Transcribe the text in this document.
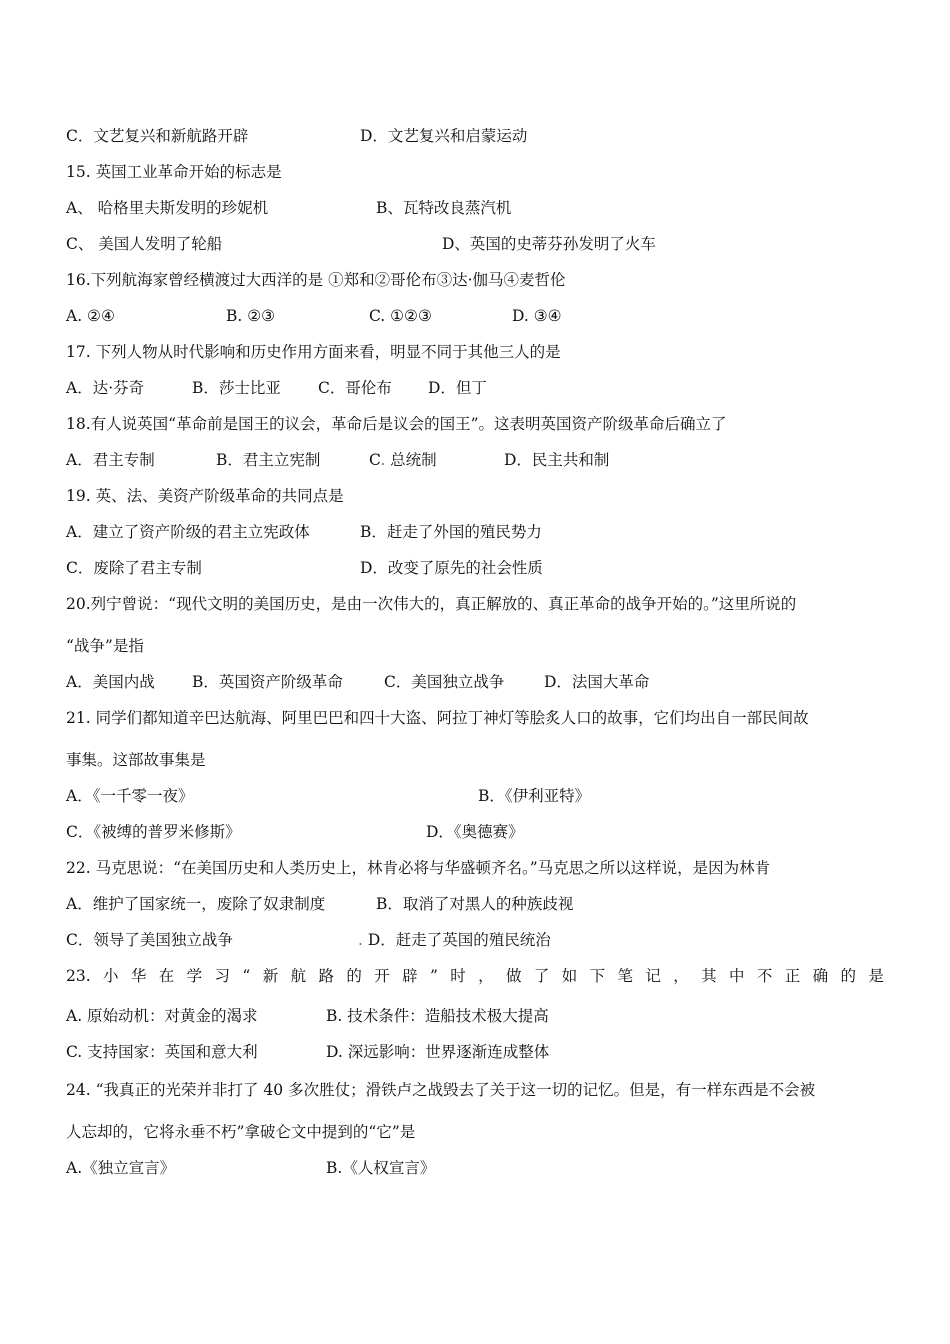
C．文艺复兴和新航路开辟	D．文艺复兴和启蒙运动
15. 英国工业革命开始的标志是
A、 哈格里夫斯发明的珍妮机	B、瓦特改良蒸汽机
C、 美国人发明了轮船	D、英国的史蒂芬孙发明了火车
16.下列航海家曾经横渡过大西洋的是 ①郑和②哥伦布③达·伽马④麦哲伦
A. ②④	B. ②③	C. ①②③	D. ③④
17. 下列人物从时代影响和历史作用方面来看，明显不同于其他三人的是
A．达·芬奇	B．莎士比亚 C．哥伦布 D．但丁
18.有人说英国“革命前是国王的议会，革命后是议会的国王”。这表明英国资产阶级革命后确立了
A．君主专制	B．君主立宪制	C. 总统制	D．民主共和制
19. 英、法、美资产阶级革命的共同点是
A．建立了资产阶级的君主立宪政体	B．赶走了外国的殖民势力
C．废除了君主专制	D．改变了原先的社会性质
20.列宁曾说：“现代文明的美国历史，是由一次伟大的，真正解放的、真正革命的战争开始的。”这里所说的
“战争”是指
A．美国内战 B．英国资产阶级革命	C．美国独立战争	D．法国大革命
21. 同学们都知道辛巴达航海、阿里巴巴和四十大盗、阿拉丁神灯等脍炙人口的故事，它们均出自一部民间故
事集。这部故事集是
A．《一千零一夜》	B．《伊利亚特》
C．《被缚的普罗米修斯》	D．《奥德赛》
22. 马克思说：“在美国历史和人类历史上，林肯必将与华盛顿齐名。”马克思之所以这样说，是因为林肯
A．维护了国家统一，废除了奴隶制度	B．取消了对黑人的种族歧视
C．领导了美国独立战争	. D．赶走了英国的殖民统治
23. 小 华 在 学 习 “ 新 航 路 的 开 辟 ” 时 ， 做 了 如 下 笔 记 ， 其 中 不 正 确 的 是
A. 原始动机：对黄金的渴求	B. 技术条件：造船技术极大提高
C. 支持国家：英国和意大利	D. 深远影响：世界逐渐连成整体
24. “我真正的光荣并非打了 40 多次胜仗；滑铁卢之战毁去了关于这一切的记忆。但是，有一样东西是不会被
人忘却的，它将永垂不朽”拿破仑文中提到的“它”是
A.《独立宣言》	B.《人权宣言》
